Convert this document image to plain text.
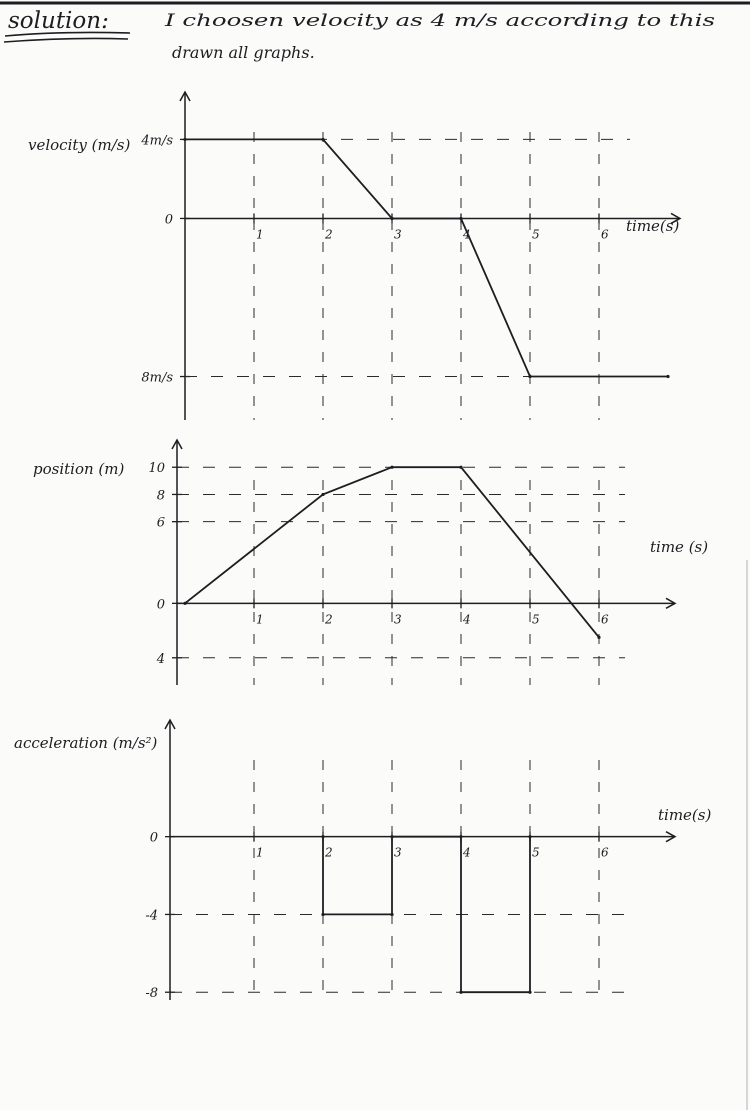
solution:	I choosen velocity as 4 m/s according to this
drawn all graphs.
1	2	3	4	5	6
4m/s
0
8m/s
velocity (m/s)
time(s)
1	2	3	4	5	6
10
8
6
0
4
position (m)
time (s)
1	2	3	4	5	6
0
-4
-8
acceleration (m/s²)
time(s)
